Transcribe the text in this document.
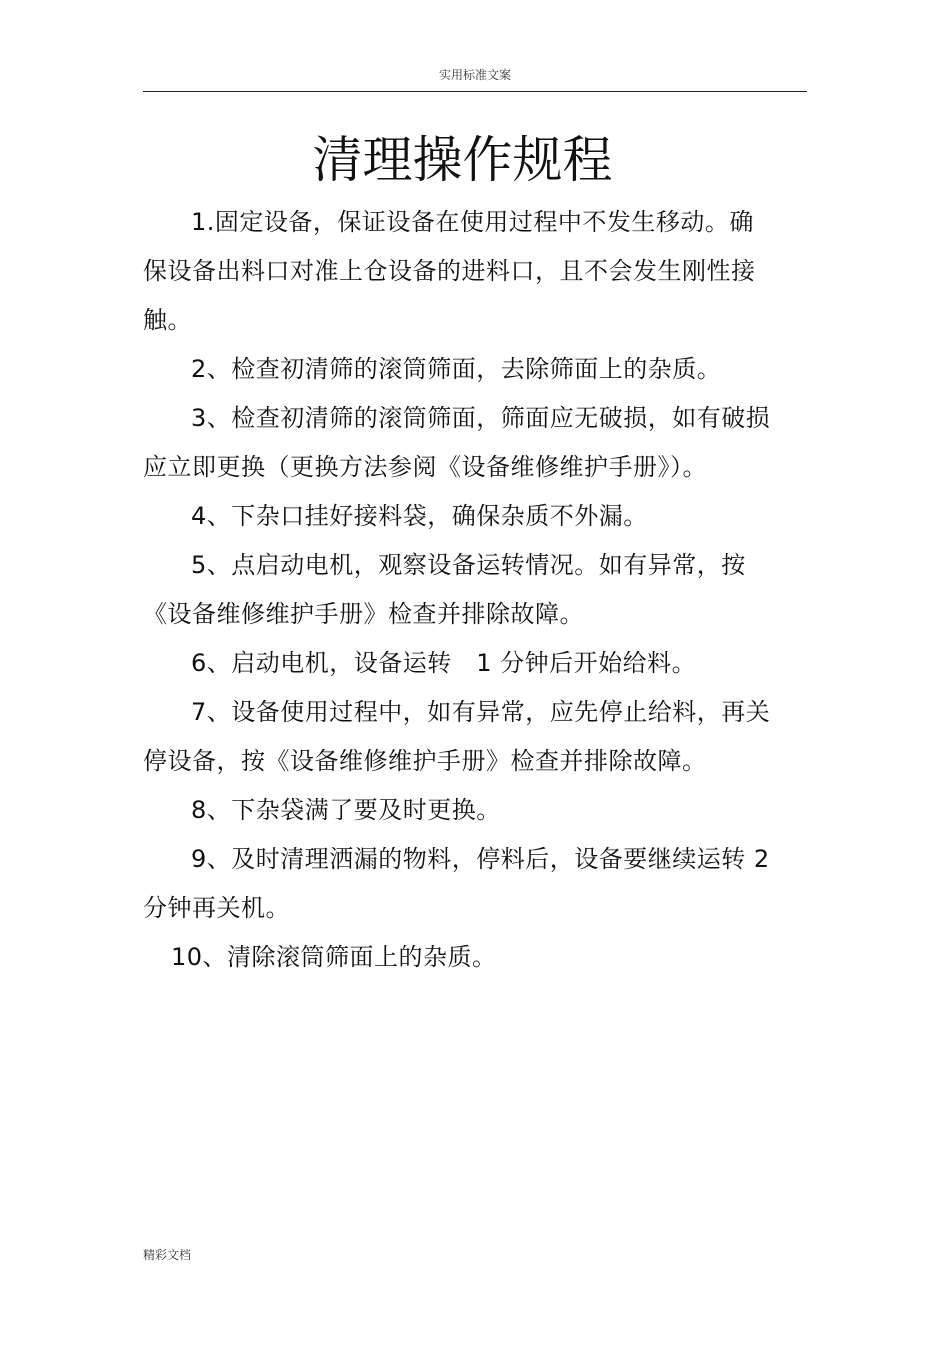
实用标准文案
清理操作规程

1.固定设备，保证设备在使用过程中不发生移动。确保设备出料口对准上仓设备的进料口，且不会发生刚性接触。

2、检查初清筛的滚筒筛面，去除筛面上的杂质。

3、检查初清筛的滚筒筛面，筛面应无破损，如有破损应立即更换（更换方法参阅《设备维修维护手册》）。

4、下杂口挂好接料袋，确保杂质不外漏。

5、点启动电机，观察设备运转情况。如有异常，按《设备维修维护手册》检查并排除故障。

6、启动电机，设备运转　1 分钟后开始给料。

7、设备使用过程中，如有异常，应先停止给料，再关停设备，按《设备维修维护手册》检查并排除故障。

8、下杂袋满了要及时更换。

9、及时清理洒漏的物料，停料后，设备要继续运转 2 分钟再关机。

10、清除滚筒筛面上的杂质。

精彩文档
